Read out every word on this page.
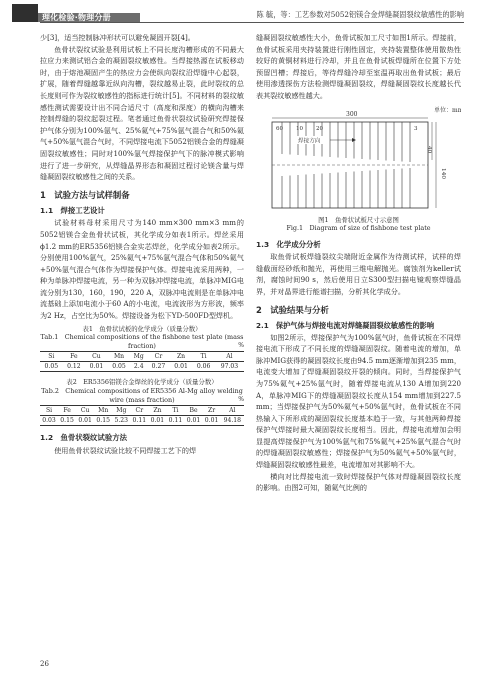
理化检验·物理分册	陈 毓，等：工艺参数对5052铝镁合金焊缝凝固裂纹敏感性的影响

少[3]，适当控制脉冲形状可以避免凝固开裂[4]。

鱼骨状裂纹试验是利用试板上不同长度沟槽形成的不同最大拉应力来测试铝合金的凝固裂纹敏感性。当焊接热源在试板移动时，由于熔池凝固产生的热应力会使纵向裂纹沿焊缝中心起裂，扩展，随着焊缝越靠近纵向沟槽，裂纹越易止裂，此时裂纹的总长度则可作为裂纹敏感性的指标进行统计[5]。不同材料的裂纹敏感性测试需要设计出不同合适尺寸（高度和深度）的横向沟槽来控制焊缝的裂纹起裂过程。笔者通过鱼骨状裂纹试验研究焊接保护气体分别为100%氩气、25%氦气+75%氩气混合气和50%氦气+50%氩气混合气时，不同焊接电流下5052铝镁合金的焊缝凝固裂纹敏感性；同时对100%氩气焊接保护气下的脉冲模式影响进行了进一步研究，从焊缝晶界形态和凝固过程讨论镁含量与焊缝凝固裂纹敏感性之间的关系。

1　试验方法与试样制备
1.1　焊接工艺设计

试验材料母材采用尺寸为140 mm×300 mm×3 mm的5052铝镁合金鱼骨状试板，其化学成分如表1所示。焊丝采用ϕ1.2 mm的ER5356铝镁合金实芯焊丝，化学成分如表2所示。分别使用100%氩气，25%氦气+75%氩气混合气体和50%氦气+50%氩气混合气体作为焊接保护气体。焊接电流采用两种，一种为单脉冲焊接电流，另一种为双脉冲焊接电流，单脉冲MIG电流分别为130，160，190，220 A，双脉冲电流则是在单脉冲电流基础上添加电流小于60 A的小电流，电流波形为方形波，频率为2 Hz，占空比为50%。焊接设备为松下YD-500FD型焊机。

表1　鱼骨状试板的化学成分（质量分数）
Tab.1　Chemical compositions of the fishbone test plate (mass fraction)	%
Si	Fe	Cu	Mn	Mg	Cr	Zn	Ti	Al
0.05	0.12	0.01	0.05	2.4	0.27	0.01	0.06	97.03
表2　ER5356铝镁合金焊丝的化学成分（质量分数）
Tab.2　Chemical compositions of ER5356 Al-Mg alloy welding wire (mass fraction)	%
Si	Fe	Cu	Mn	Mg	Cr	Zn	Ti	Be	Zr	Al
0.03	0.15	0.01	0.15	5.23	0.11	0.01	0.11	0.01	0.01	94.18
1.2　鱼骨状裂纹试验方法

使用鱼骨状裂纹试验比较不同焊接工艺下的焊

缝凝固裂纹敏感性大小，鱼骨试板加工尺寸如图1所示。焊接前，鱼骨试板采用夹持装置进行刚性固定，夹持装置整体使用散热性较好的黄铜材料进行冷却，并且在鱼骨试板焊缝所在位置下方处预留凹槽；焊接后，等待焊缝冷却至室温再取出鱼骨试板；最后使用渗透探伤方法检测焊缝凝固裂纹，焊缝凝固裂纹长度越长代表其裂纹敏感性越大。

单位：mm
300
60 10 20	3
焊接方向
140
40
图1　鱼骨状试板尺寸示意图
Fig.1　Diagram of size of fishbone test plate
1.3　化学成分分析

取鱼骨试板焊缝裂纹尖端附近金属作为待测试样，试样的焊缝截面经砂纸和抛光，再使用三维电解抛光。腐蚀剂为keller试剂，腐蚀时间90 s，然后使用日立S300型扫描电镜观察焊缝晶界，并对晶界进行能谱扫描，分析其化学成分。

2　试验结果与分析
2.1　保护气体与焊接电流对焊缝凝固裂纹敏感性的影响

如图2所示，焊接保护气为100%氩气时，鱼骨试板在不同焊接电流下形成了不同长度的焊缝凝固裂纹。随着电流的增加，单脉冲MIG获得的凝固裂纹长度由94.5 mm逐渐增加到235 mm，电流变大增加了焊缝凝固裂纹开裂的倾向。同时，当焊接保护气为75%氦气+25%氩气时，随着焊接电流从130 A增加到220 A，单脉冲MIG下的焊缝凝固裂纹长度从154 mm增加到227.5 mm；当焊接保护气为50%氦气+50%氩气时，鱼骨试板在不同热输入下所形成的凝固裂纹长度基本趋于一致，与其他两种焊接保护气焊接时最大凝固裂纹长度相当。因此，焊接电流增加会明显提高焊接保护气为100%氩气和75%氦气+25%氩气混合气时的焊缝凝固裂纹敏感性；焊接保护气为50%氦气+50%氩气时，焊缝凝固裂纹敏感性最差，电流增加对其影响不大。

横向对比焊接电流一致时焊接保护气体对焊缝凝固裂纹长度的影响。由图2可知，随氦气比例的

26
